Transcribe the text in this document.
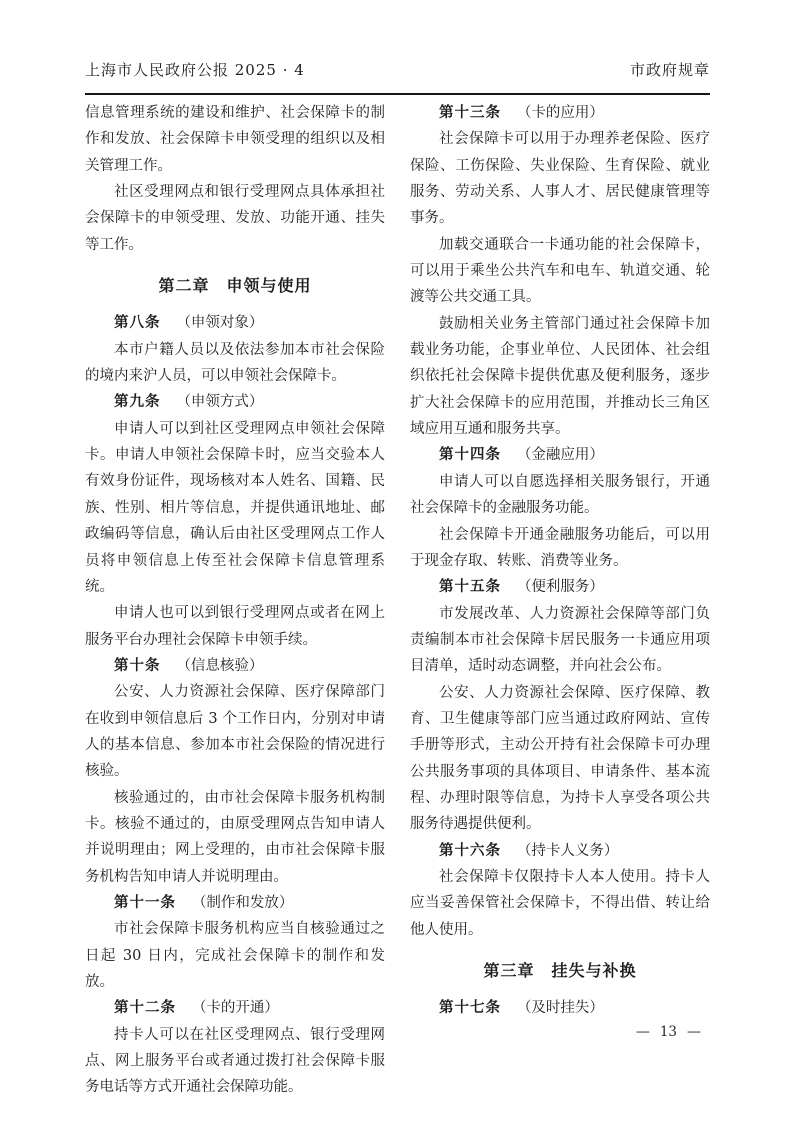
上海市人民政府公报 2025 · 4	市政府规章

信息管理系统的建设和维护、社会保障卡的制作和发放、社会保障卡申领受理的组织以及相关管理工作。

社区受理网点和银行受理网点具体承担社会保障卡的申领受理、发放、功能开通、挂失等工作。

第二章　申领与使用

第八条 （申领对象）

本市户籍人员以及依法参加本市社会保险的境内来沪人员，可以申领社会保障卡。

第九条 （申领方式）

申请人可以到社区受理网点申领社会保障卡。申请人申领社会保障卡时，应当交验本人有效身份证件，现场核对本人姓名、国籍、民族、性别、相片等信息，并提供通讯地址、邮政编码等信息，确认后由社区受理网点工作人员将申领信息上传至社会保障卡信息管理系统。

申请人也可以到银行受理网点或者在网上服务平台办理社会保障卡申领手续。

第十条 （信息核验）

公安、人力资源社会保障、医疗保障部门在收到申领信息后 3 个工作日内，分别对申请人的基本信息、参加本市社会保险的情况进行核验。

核验通过的，由市社会保障卡服务机构制卡。核验不通过的，由原受理网点告知申请人并说明理由；网上受理的，由市社会保障卡服务机构告知申请人并说明理由。

第十一条 （制作和发放）

市社会保障卡服务机构应当自核验通过之日起 30 日内，完成社会保障卡的制作和发放。

第十二条 （卡的开通）

持卡人可以在社区受理网点、银行受理网点、网上服务平台或者通过拨打社会保障卡服务电话等方式开通社会保障功能。

第十三条 （卡的应用）

社会保障卡可以用于办理养老保险、医疗保险、工伤保险、失业保险、生育保险、就业服务、劳动关系、人事人才、居民健康管理等事务。

加载交通联合一卡通功能的社会保障卡，可以用于乘坐公共汽车和电车、轨道交通、轮渡等公共交通工具。

鼓励相关业务主管部门通过社会保障卡加载业务功能，企事业单位、人民团体、社会组织依托社会保障卡提供优惠及便利服务，逐步扩大社会保障卡的应用范围，并推动长三角区域应用互通和服务共享。

第十四条 （金融应用）

申请人可以自愿选择相关服务银行，开通社会保障卡的金融服务功能。

社会保障卡开通金融服务功能后，可以用于现金存取、转账、消费等业务。

第十五条 （便利服务）

市发展改革、人力资源社会保障等部门负责编制本市社会保障卡居民服务一卡通应用项目清单，适时动态调整，并向社会公布。

公安、人力资源社会保障、医疗保障、教育、卫生健康等部门应当通过政府网站、宣传手册等形式，主动公开持有社会保障卡可办理公共服务事项的具体项目、申请条件、基本流程、办理时限等信息，为持卡人享受各项公共服务待遇提供便利。

第十六条 （持卡人义务）

社会保障卡仅限持卡人本人使用。持卡人应当妥善保管社会保障卡，不得出借、转让给他人使用。

第三章　挂失与补换

第十七条 （及时挂失）

— 13 —
